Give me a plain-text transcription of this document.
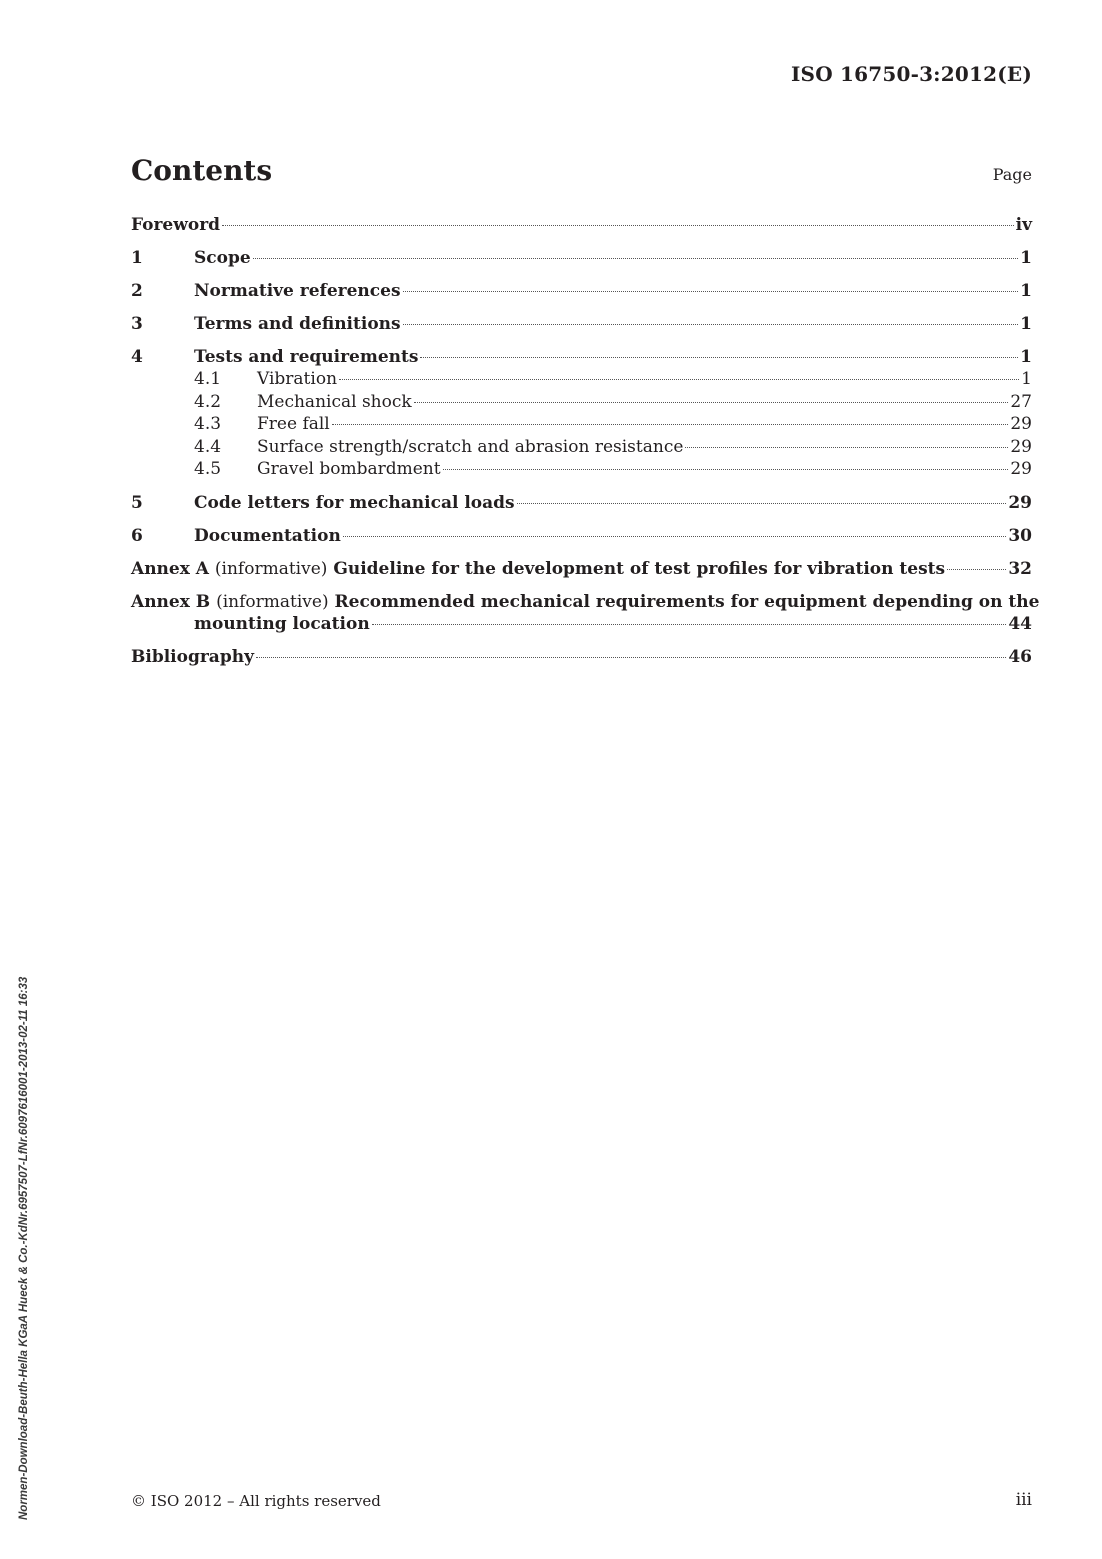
ISO 16750-3:2012(E)
Contents	Page
Foreword	iv
1	Scope	1
2	Normative references	1
3	Terms and definitions	1
4	Tests and requirements	1
4.1	Vibration	1
4.2	Mechanical shock	27
4.3	Free fall	29
4.4	Surface strength/scratch and abrasion resistance	29
4.5	Gravel bombardment	29
5	Code letters for mechanical loads	29
6	Documentation	30
Annex A (informative) Guideline for the development of test profiles for vibration tests	32
Annex B (informative) Recommended mechanical requirements for equipment depending on the
mounting location	44
Bibliography	46
Normen-Download-Beuth-Hella KGaA Hueck & Co.-KdNr.6957507-LfNr.6097616001-2013-02-11 16:33	© ISO 2012 – All rights reserved	iii
